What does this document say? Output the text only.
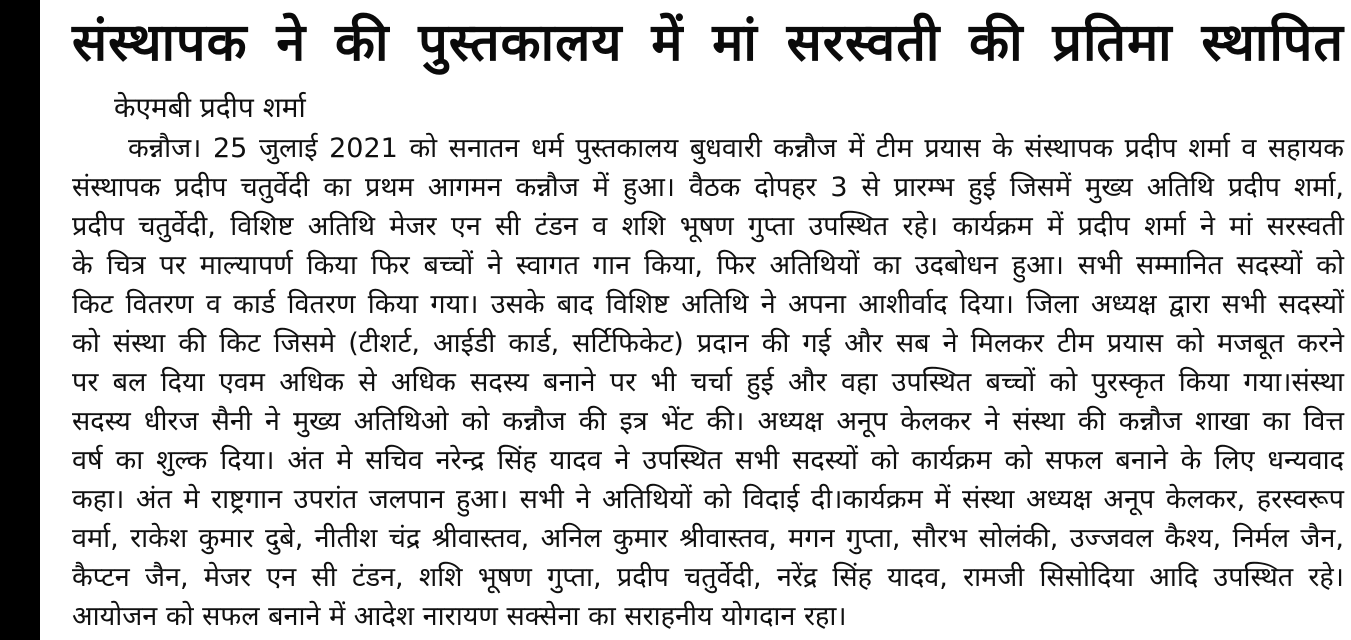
संस्थापक ने की पुस्तकालय में मां सरस्वती की प्रतिमा स्थापित
केएमबी प्रदीप शर्मा
कन्नौज। 25 जुलाई 2021 को सनातन धर्म पुस्तकालय बुधवारी कन्नौज में टीम प्रयास के संस्थापक प्रदीप शर्मा व सहायक
संस्थापक प्रदीप चतुर्वेदी का प्रथम आगमन कन्नौज में हुआ। वैठक दोपहर 3 से प्रारम्भ हुई जिसमें मुख्य अतिथि प्रदीप शर्मा,
प्रदीप चतुर्वेदी, विशिष्ट अतिथि मेजर एन सी टंडन व शशि भूषण गुप्ता उपस्थित रहे। कार्यक्रम में प्रदीप शर्मा ने मां सरस्वती
के चित्र पर माल्यापर्ण किया फिर बच्चों ने स्वागत गान किया, फिर अतिथियों का उदबोधन हुआ। सभी सम्मानित सदस्यों को
किट वितरण व कार्ड वितरण किया गया। उसके बाद विशिष्ट अतिथि ने अपना आशीर्वाद दिया। जिला अध्यक्ष द्वारा सभी सदस्यों
को संस्था की किट जिसमे (टीशर्ट, आईडी कार्ड, सर्टिफिकेट) प्रदान की गई और सब ने मिलकर टीम प्रयास को मजबूत करने
पर बल दिया एवम अधिक से अधिक सदस्य बनाने पर भी चर्चा हुई और वहा उपस्थित बच्चों को पुरस्कृत किया गया।संस्था
सदस्य धीरज सैनी ने मुख्य अतिथिओ को कन्नौज की इत्र भेंट की। अध्यक्ष अनूप केलकर ने संस्था की कन्नौज शाखा का वित्त
वर्ष का शुल्क दिया। अंत मे सचिव नरेन्द्र सिंह यादव ने उपस्थित सभी सदस्यों को कार्यक्रम को सफल बनाने के लिए धन्यवाद
कहा। अंत मे राष्ट्रगान उपरांत जलपान हुआ। सभी ने अतिथियों को विदाई दी।कार्यक्रम में संस्था अध्यक्ष अनूप केलकर, हरस्वरूप
वर्मा, राकेश कुमार दुबे, नीतीश चंद्र श्रीवास्तव, अनिल कुमार श्रीवास्तव, मगन गुप्ता, सौरभ सोलंकी, उज्जवल कैश्य, निर्मल जैन,
कैप्टन जैन, मेजर एन सी टंडन, शशि भूषण गुप्ता, प्रदीप चतुर्वेदी, नरेंद्र सिंह यादव, रामजी सिसोदिया आदि उपस्थित रहे।
आयोजन को सफल बनाने में आदेश नारायण सक्सेना का सराहनीय योगदान रहा।
